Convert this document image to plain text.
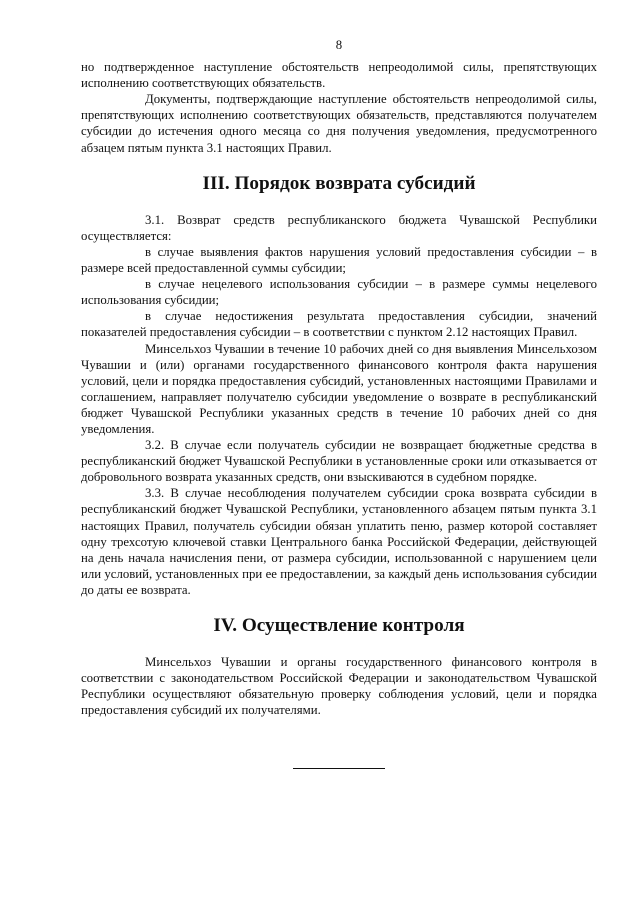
8

но подтвержденное наступление обстоятельств непреодолимой силы, препятствующих исполнению соответствующих обязательств.

Документы, подтверждающие наступление обстоятельств непреодолимой силы, препятствующих исполнению соответствующих обязательств, представляются получателем субсидии до истечения одного месяца со дня получения уведомления, предусмотренного абзацем пятым пункта 3.1 настоящих Правил.

III. Порядок возврата субсидий

3.1. Возврат средств республиканского бюджета Чувашской Республики осуществляется:

в случае выявления фактов нарушения условий предоставления субсидии – в размере всей предоставленной суммы субсидии;

в случае нецелевого использования субсидии – в размере суммы нецелевого использования субсидии;

в случае недостижения результата предоставления субсидии, значений показателей предоставления субсидии – в соответствии с пунктом 2.12 настоящих Правил.

Минсельхоз Чувашии в течение 10 рабочих дней со дня выявления Минсельхозом Чувашии и (или) органами государственного финансового контроля факта нарушения условий, цели и порядка предоставления субсидий, установленных настоящими Правилами и соглашением, направляет получателю субсидии уведомление о возврате в республиканский бюджет Чувашской Республики указанных средств в течение 10 рабочих дней со дня уведомления.

3.2. В случае если получатель субсидии не возвращает бюджетные средства в республиканский бюджет Чувашской Республики в установленные сроки или отказывается от добровольного возврата указанных средств, они взыскиваются в судебном порядке.

3.3. В случае несоблюдения получателем субсидии срока возврата субсидии в республиканский бюджет Чувашской Республики, установленного абзацем пятым пункта 3.1 настоящих Правил, получатель субсидии обязан уплатить пеню, размер которой составляет одну трехсотую ключевой ставки Центрального банка Российской Федерации, действующей на день начала начисления пени, от размера субсидии, использованной с нарушением цели или условий, установленных при ее предоставлении, за каждый день использования субсидии до даты ее возврата.

IV. Осуществление контроля

Минсельхоз Чувашии и органы государственного финансового контроля в соответствии с законодательством Российской Федерации и законодательством Чувашской Республики осуществляют обязательную проверку соблюдения условий, цели и порядка предоставления субсидий их получателями.
